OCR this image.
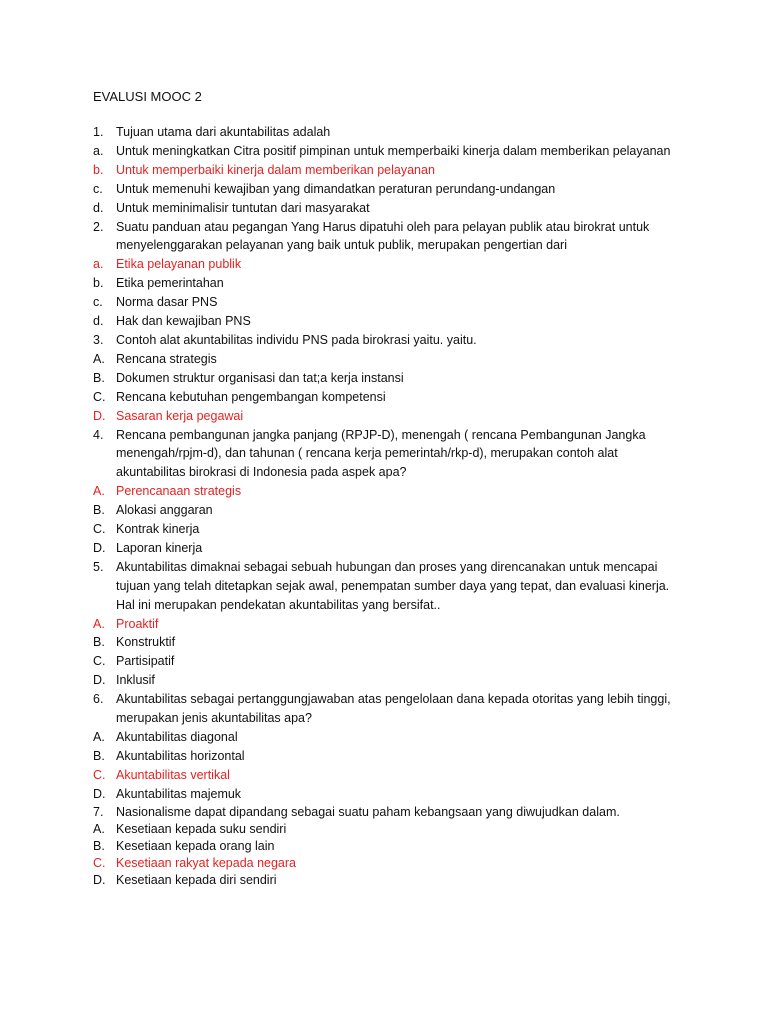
EVALUSI MOOC 2
1. Tujuan utama dari akuntabilitas adalah
a. Untuk meningkatkan Citra positif pimpinan untuk memperbaiki kinerja dalam memberikan pelayanan
b. Untuk memperbaiki kinerja dalam memberikan pelayanan
c. Untuk memenuhi kewajiban yang dimandatkan peraturan perundang-undangan
d. Untuk meminimalisir tuntutan dari masyarakat
2. Suatu panduan atau pegangan Yang Harus dipatuhi oleh para pelayan publik atau birokrat untuk menyelenggarakan pelayanan yang baik untuk publik, merupakan pengertian dari
a. Etika pelayanan publik
b. Etika pemerintahan
c. Norma dasar PNS
d. Hak dan kewajiban PNS
3. Contoh alat akuntabilitas individu PNS pada birokrasi yaitu. yaitu.
A. Rencana strategis
B. Dokumen struktur organisasi dan tat;a kerja instansi
C. Rencana kebutuhan pengembangan kompetensi
D. Sasaran kerja pegawai
4. Rencana pembangunan jangka panjang (RPJP-D), menengah ( rencana Pembangunan Jangka menengah/rpjm-d), dan tahunan ( rencana kerja pemerintah/rkp-d), merupakan contoh alat akuntabilitas birokrasi di Indonesia pada aspek apa?
A. Perencanaan strategis
B. Alokasi anggaran
C. Kontrak kinerja
D. Laporan kinerja
5. Akuntabilitas dimaknai sebagai sebuah hubungan dan proses yang direncanakan untuk mencapai tujuan yang telah ditetapkan sejak awal, penempatan sumber daya yang tepat, dan evaluasi kinerja. Hal ini merupakan pendekatan akuntabilitas yang bersifat..
A. Proaktif
B. Konstruktif
C. Partisipatif
D. Inklusif
6. Akuntabilitas sebagai pertanggungjawaban atas pengelolaan dana kepada otoritas yang lebih tinggi, merupakan jenis akuntabilitas apa?
A. Akuntabilitas diagonal
B. Akuntabilitas horizontal
C. Akuntabilitas vertikal
D. Akuntabilitas majemuk
7. Nasionalisme dapat dipandang sebagai suatu paham kebangsaan yang diwujudkan dalam.
A. Kesetiaan kepada suku sendiri
B. Kesetiaan kepada orang lain
C. Kesetiaan rakyat kepada negara
D. Kesetiaan kepada diri sendiri
